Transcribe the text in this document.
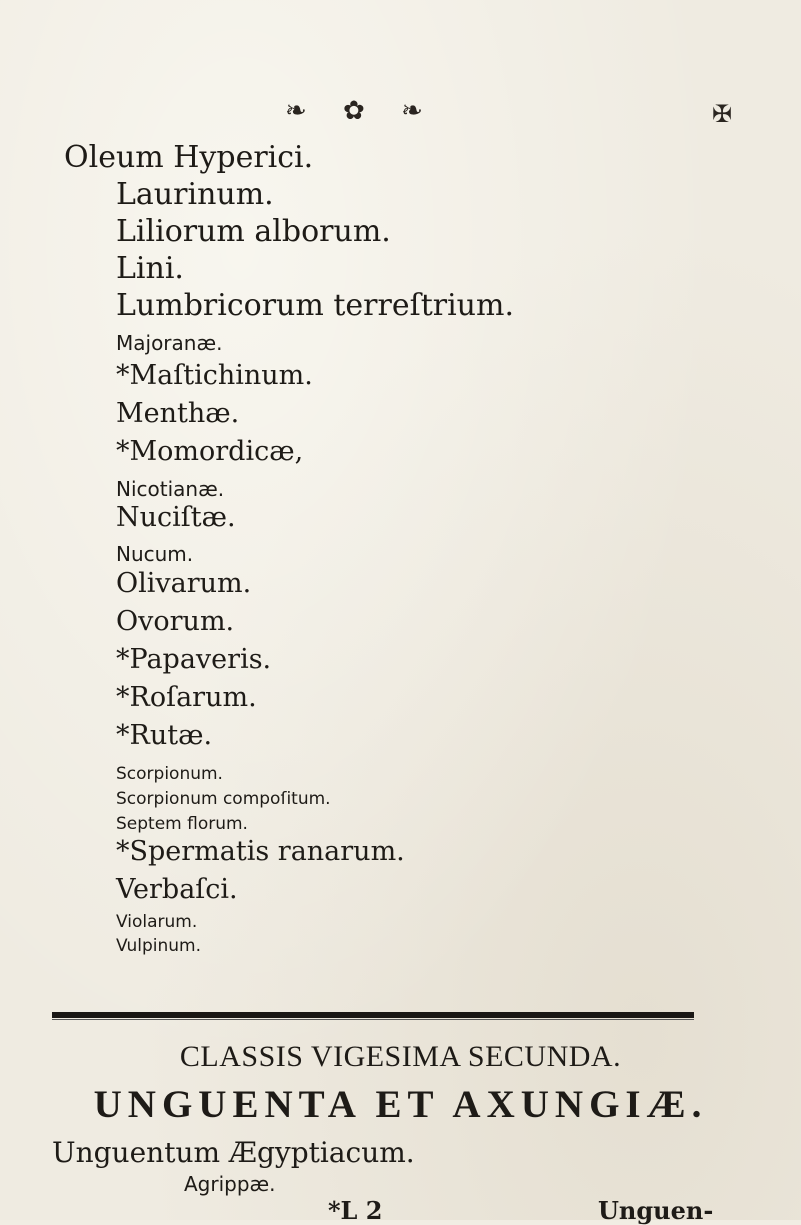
❧ ✿ ❧	✠
Oleum Hyperici.
Laurinum.
Liliorum alborum.
Lini.
Lumbricorum terreſtrium.
Majoranæ.
*Maſtichinum.
Menthæ.
*Momordicæ,
Nicotianæ.
Nuciſtæ.
Nucum.
Olivarum.
Ovorum.
*Papaveris.
*Roſarum.
*Rutæ.
Scorpionum.
Scorpionum compoſitum.
Septem florum.
*Spermatis ranarum.
Verbaſci.
Violarum.
Vulpinum.
CLASSIS VIGESIMA SECUNDA.
UNGUENTA ET AXUNGIÆ.
Unguentum Ægyptiacum.
Agrippæ.
*L 2	Unguen-
